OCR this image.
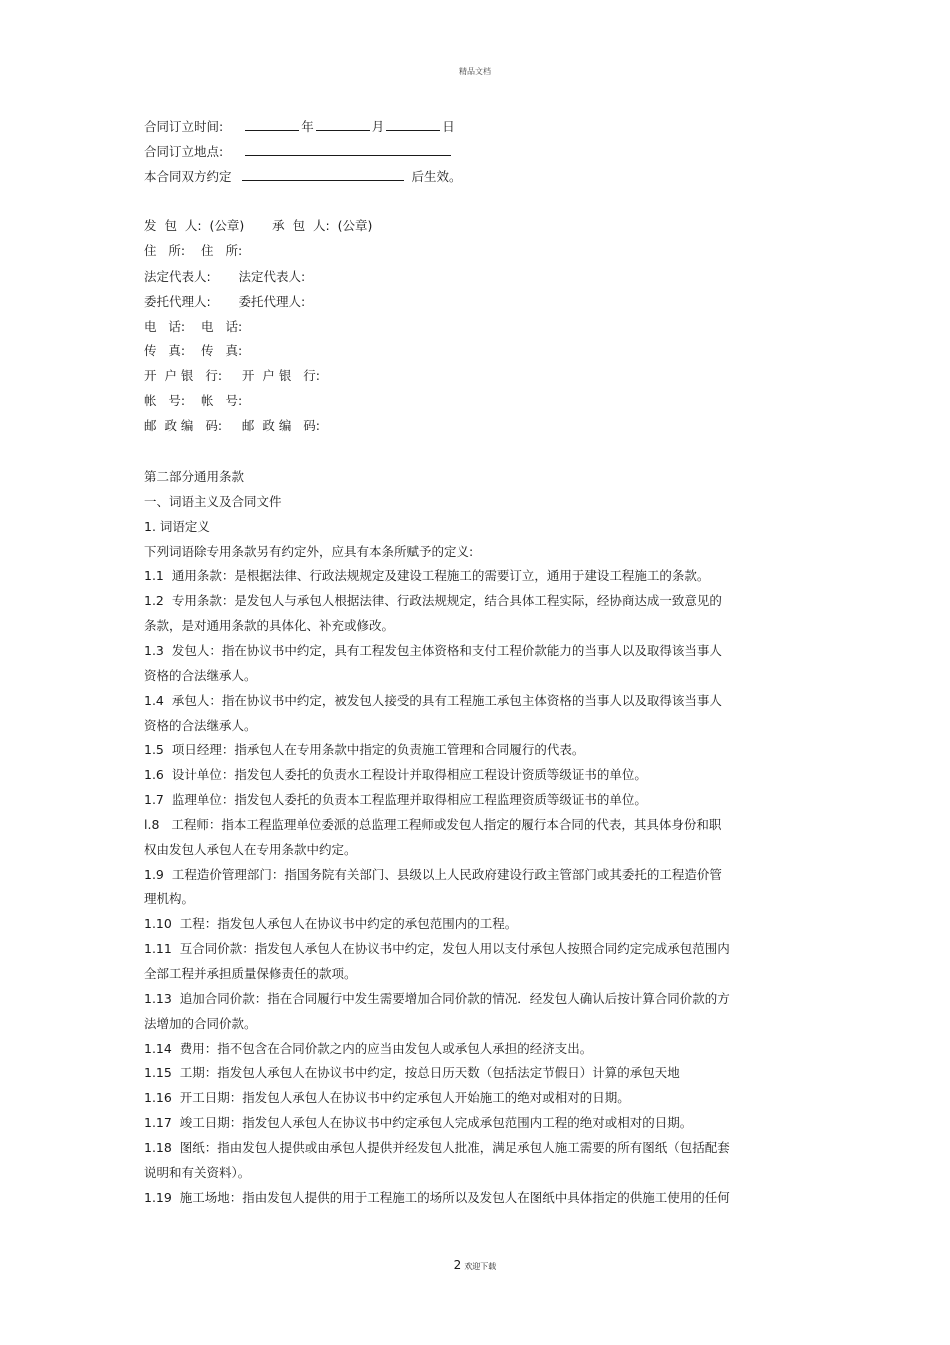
精品文档
合同订立时间:	年	月	日
合同订立地点:
本合同双方约定	后生效。
发  包  人:  (公章)       承  包  人:  (公章)
住   所:    住   所:
法定代表人:       法定代表人:
委托代理人:       委托代理人:
电   话:    电   话:
传   真:    传   真:
开  户 银   行:     开  户 银   行:
帐   号:    帐   号:
邮  政 编   码:     邮  政 编   码:
第二部分通用条款
一、词语主义及合同文件
1. 词语定义
下列词语除专用条款另有约定外，应具有本条所赋予的定义:
1.1  通用条款：是根据法律、行政法规规定及建设工程施工的需要订立，通用于建设工程施工的条款。
1.2  专用条款：是发包人与承包人根据法律、行政法规规定，结合具体工程实际，经协商达成一致意见的
条款，是对通用条款的具体化、补充或修改。
1.3  发包人：指在协议书中约定，具有工程发包主体资格和支付工程价款能力的当事人以及取得该当事人
资格的合法继承人。
1.4  承包人：指在协议书中约定，被发包人接受的具有工程施工承包主体资格的当事人以及取得该当事人
资格的合法继承人。
1.5  项日经理：指承包人在专用条款中指定的负责施工管理和合同履行的代表。
1.6  设计单位：指发包人委托的负责水工程设计并取得相应工程设计资质等级证书的单位。
1.7  监理单位：指发包人委托的负责本工程监理并取得相应工程监理资质等级证书的单位。
l.8   工程师：指本工程监理单位委派的总监理工程师或发包人指定的履行本合同的代表，其具体身份和职
权由发包人承包人在专用条款中约定。
1.9  工程造价管理部门：指国务院有关部门、县级以上人民政府建设行政主管部门或其委托的工程造价管
理机构。
1.10  工程：指发包人承包人在协议书中约定的承包范围内的工程。
1.11  互合同价款：指发包人承包人在协议书中约定，发包人用以支付承包人按照合同约定完成承包范围内
全部工程并承担质量保修责任的款项。
1.13  追加合同价款：指在合同履行中发生需要增加合同价款的情况．经发包人确认后按计算合同价款的方
法增加的合同价款。
1.14  费用：指不包含在合同价款之内的应当由发包人或承包人承担的经济支出。
1.15  工期：指发包人承包人在协议书中约定，按总日历天数（包括法定节假日）计算的承包天地
1.16  开工日期：指发包人承包人在协议书中约定承包人开始施工的绝对或相对的日期。
1.17  竣工日期：指发包人承包人在协议书中约定承包人完成承包范围内工程的绝对或相对的日期。
1.18  图纸：指由发包人提供或由承包人提供并经发包人批准，满足承包人施工需要的所有图纸（包括配套
说明和有关资料）。
1.19  施工场地：指由发包人提供的用于工程施工的场所以及发包人在图纸中具体指定的供施工使用的任何
2 欢迎下载
